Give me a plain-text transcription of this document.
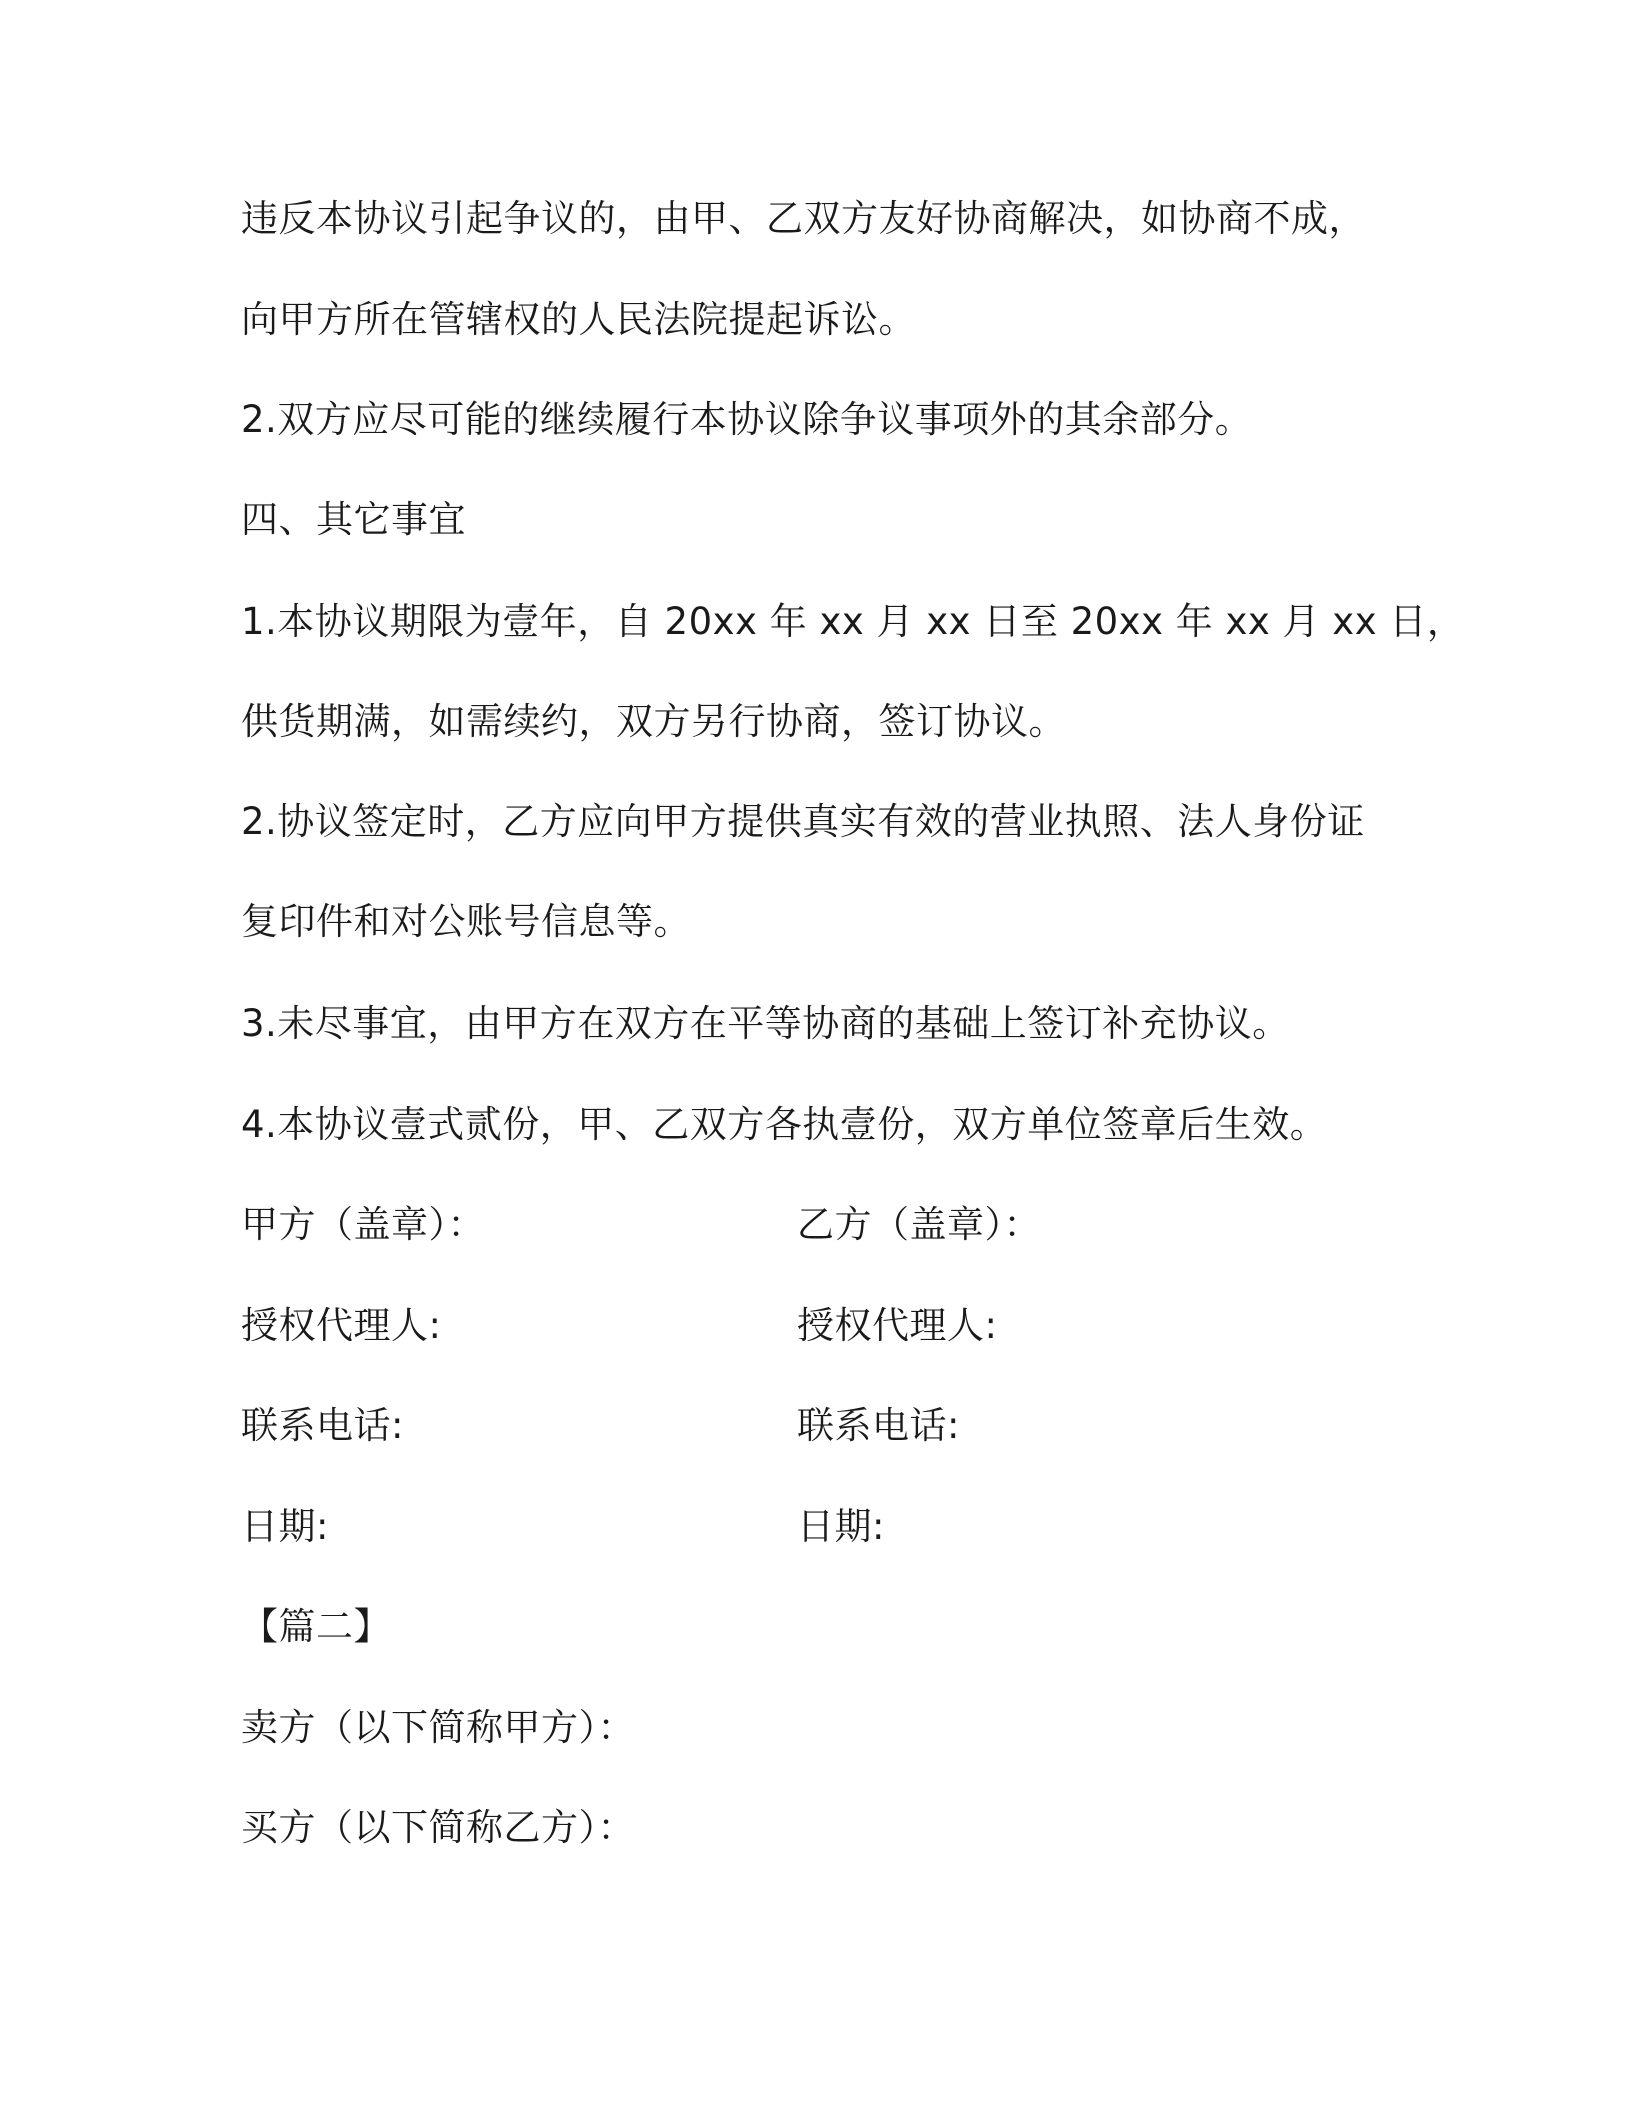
违反本协议引起争议的，由甲、乙双方友好协商解决，如协商不成，
向甲方所在管辖权的人民法院提起诉讼。
2.双方应尽可能的继续履行本协议除争议事项外的其余部分。
四、其它事宜
1.本协议期限为壹年，自 20xx 年 xx 月 xx 日至 20xx 年 xx 月 xx 日，
供货期满，如需续约，双方另行协商，签订协议。
2.协议签定时，乙方应向甲方提供真实有效的营业执照、法人身份证
复印件和对公账号信息等。
3.未尽事宜，由甲方在双方在平等协商的基础上签订补充协议。
4.本协议壹式贰份，甲、乙双方各执壹份，双方单位签章后生效。
甲方（盖章）：
授权代理人:
联系电话:
日期:
乙方（盖章）：
授权代理人:
联系电话:
日期:
【篇二】
卖方（以下简称甲方）：
买方（以下简称乙方）：
